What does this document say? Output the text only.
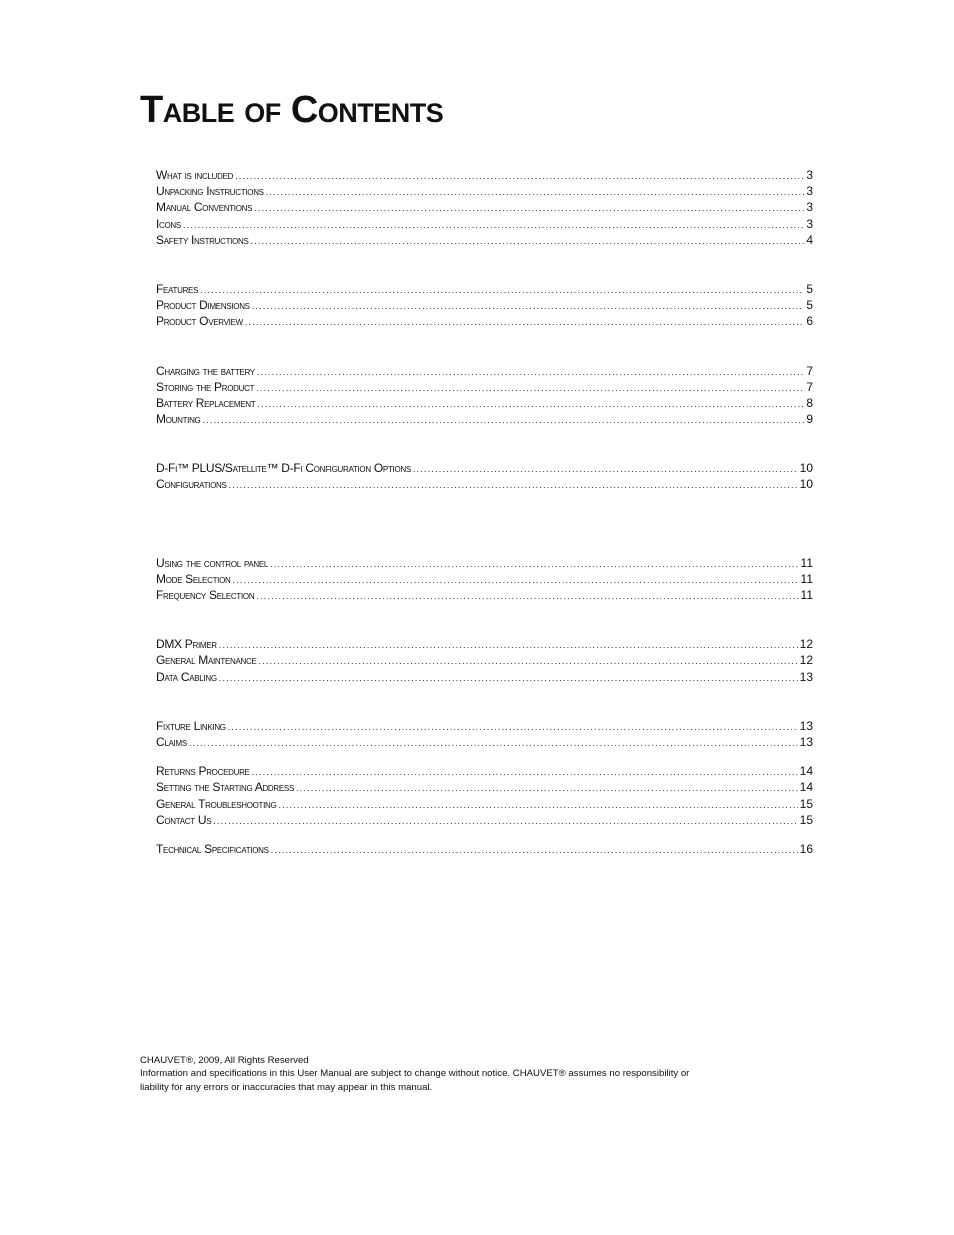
Table of Contents
What is included .....	3
Unpacking Instructions .....	3
Manual Conventions .....	3
Icons .....	3
Safety Instructions .....	4
Features .....	5
Product Dimensions .....	5
Product Overview .....	6
Charging the battery .....	7
Storing the Product .....	7
Battery Replacement .....	8
Mounting .....	9
D-Fi™ PLUS/Satellite™ D-Fi Configuration Options .....	10
Configurations .....	10
Using the control panel .....	11
Mode Selection .....	11
Frequency Selection .....	11
DMX Primer .....	12
General Maintenance .....	12
Data Cabling .....	13
Fixture Linking .....	13
Claims .....	13
Returns Procedure .....	14
Setting the Starting Address .....	14
General Troubleshooting .....	15
Contact Us .....	15
Technical Specifications .....	16

CHAUVET®, 2009, All Rights Reserved

Information and specifications in this User Manual are subject to change without notice. CHAUVET® assumes no responsibility or liability for any errors or inaccuracies that may appear in this manual.
